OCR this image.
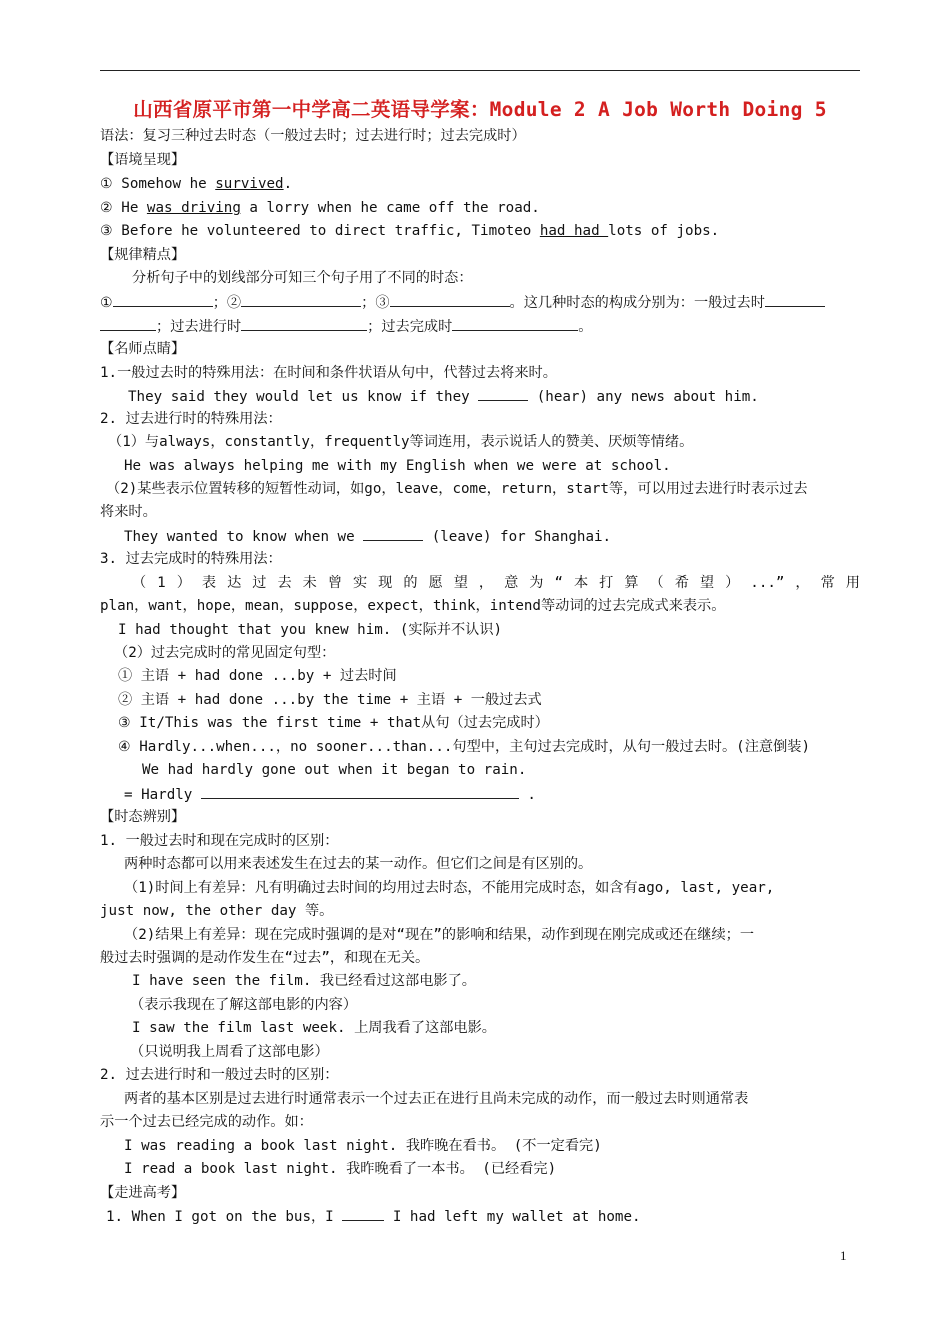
山西省原平市第一中学高二英语导学案：Module 2 A Job Worth Doing 5
语法：复习三种过去时态（一般过去时；过去进行时；过去完成时）
【语境呈现】
① Somehow he survived.
② He was driving a lorry when he came off the road.
③ Before he volunteered to direct traffic, Timoteo had had lots of jobs.
【规律精点】
分析句子中的划线部分可知三个句子用了不同的时态：
①	；②	；③	。这几种时态的构成分别为：一般过去时
；过去进行时	；过去完成时	。
【名师点睛】
1.一般过去时的特殊用法：在时间和条件状语从句中，代替过去将来时。
They said they would let us know if they	(hear) any news about him.
2. 过去进行时的特殊用法：
（1）与always，constantly，frequently等词连用，表示说话人的赞美、厌烦等情绪。
He was always helping me with my English when we were at school.
（2)某些表示位置转移的短暂性动词，如go，leave，come，return，start等，可以用过去进行时表示过去
将来时。
They wanted to know when we	(leave) for Shanghai.
3. 过去完成时的特殊用法：
（1）表达过去未曾实现的愿望，意为“本打算（希望）...”，常用
plan，want，hope，mean，suppose，expect，think，intend等动词的过去完成式来表示。
I had thought that you knew him. (实际并不认识)
（2）过去完成时的常见固定句型：
① 主语 + had done ...by + 过去时间
② 主语 + had done ...by the time + 主语 + 一般过去式
③ It/This was the first time + that从句（过去完成时）
④ Hardly...when...，no sooner...than...句型中，主句过去完成时，从句一般过去时。(注意倒装)
We had hardly gone out when it began to rain.
= Hardly	.
【时态辨别】
1. 一般过去时和现在完成时的区别：
两种时态都可以用来表述发生在过去的某一动作。但它们之间是有区别的。
（1)时间上有差异：凡有明确过去时间的均用过去时态，不能用完成时态，如含有ago, last, year,
just now, the other day 等。
（2)结果上有差异：现在完成时强调的是对“现在”的影响和结果，动作到现在刚完成或还在继续；一
般过去时强调的是动作发生在“过去”，和现在无关。
I have seen the film. 我已经看过这部电影了。
（表示我现在了解这部电影的内容）
I saw the film last week. 上周我看了这部电影。
（只说明我上周看了这部电影）
2. 过去进行时和一般过去时的区别：
两者的基本区别是过去进行时通常表示一个过去正在进行且尚未完成的动作，而一般过去时则通常表
示一个过去已经完成的动作。如：
I was reading a book last night. 我昨晚在看书。 (不一定看完)
I read a book last night. 我昨晚看了一本书。 (已经看完)
【走进高考】
1. When I got on the bus，I	I had left my wallet at home.
1
